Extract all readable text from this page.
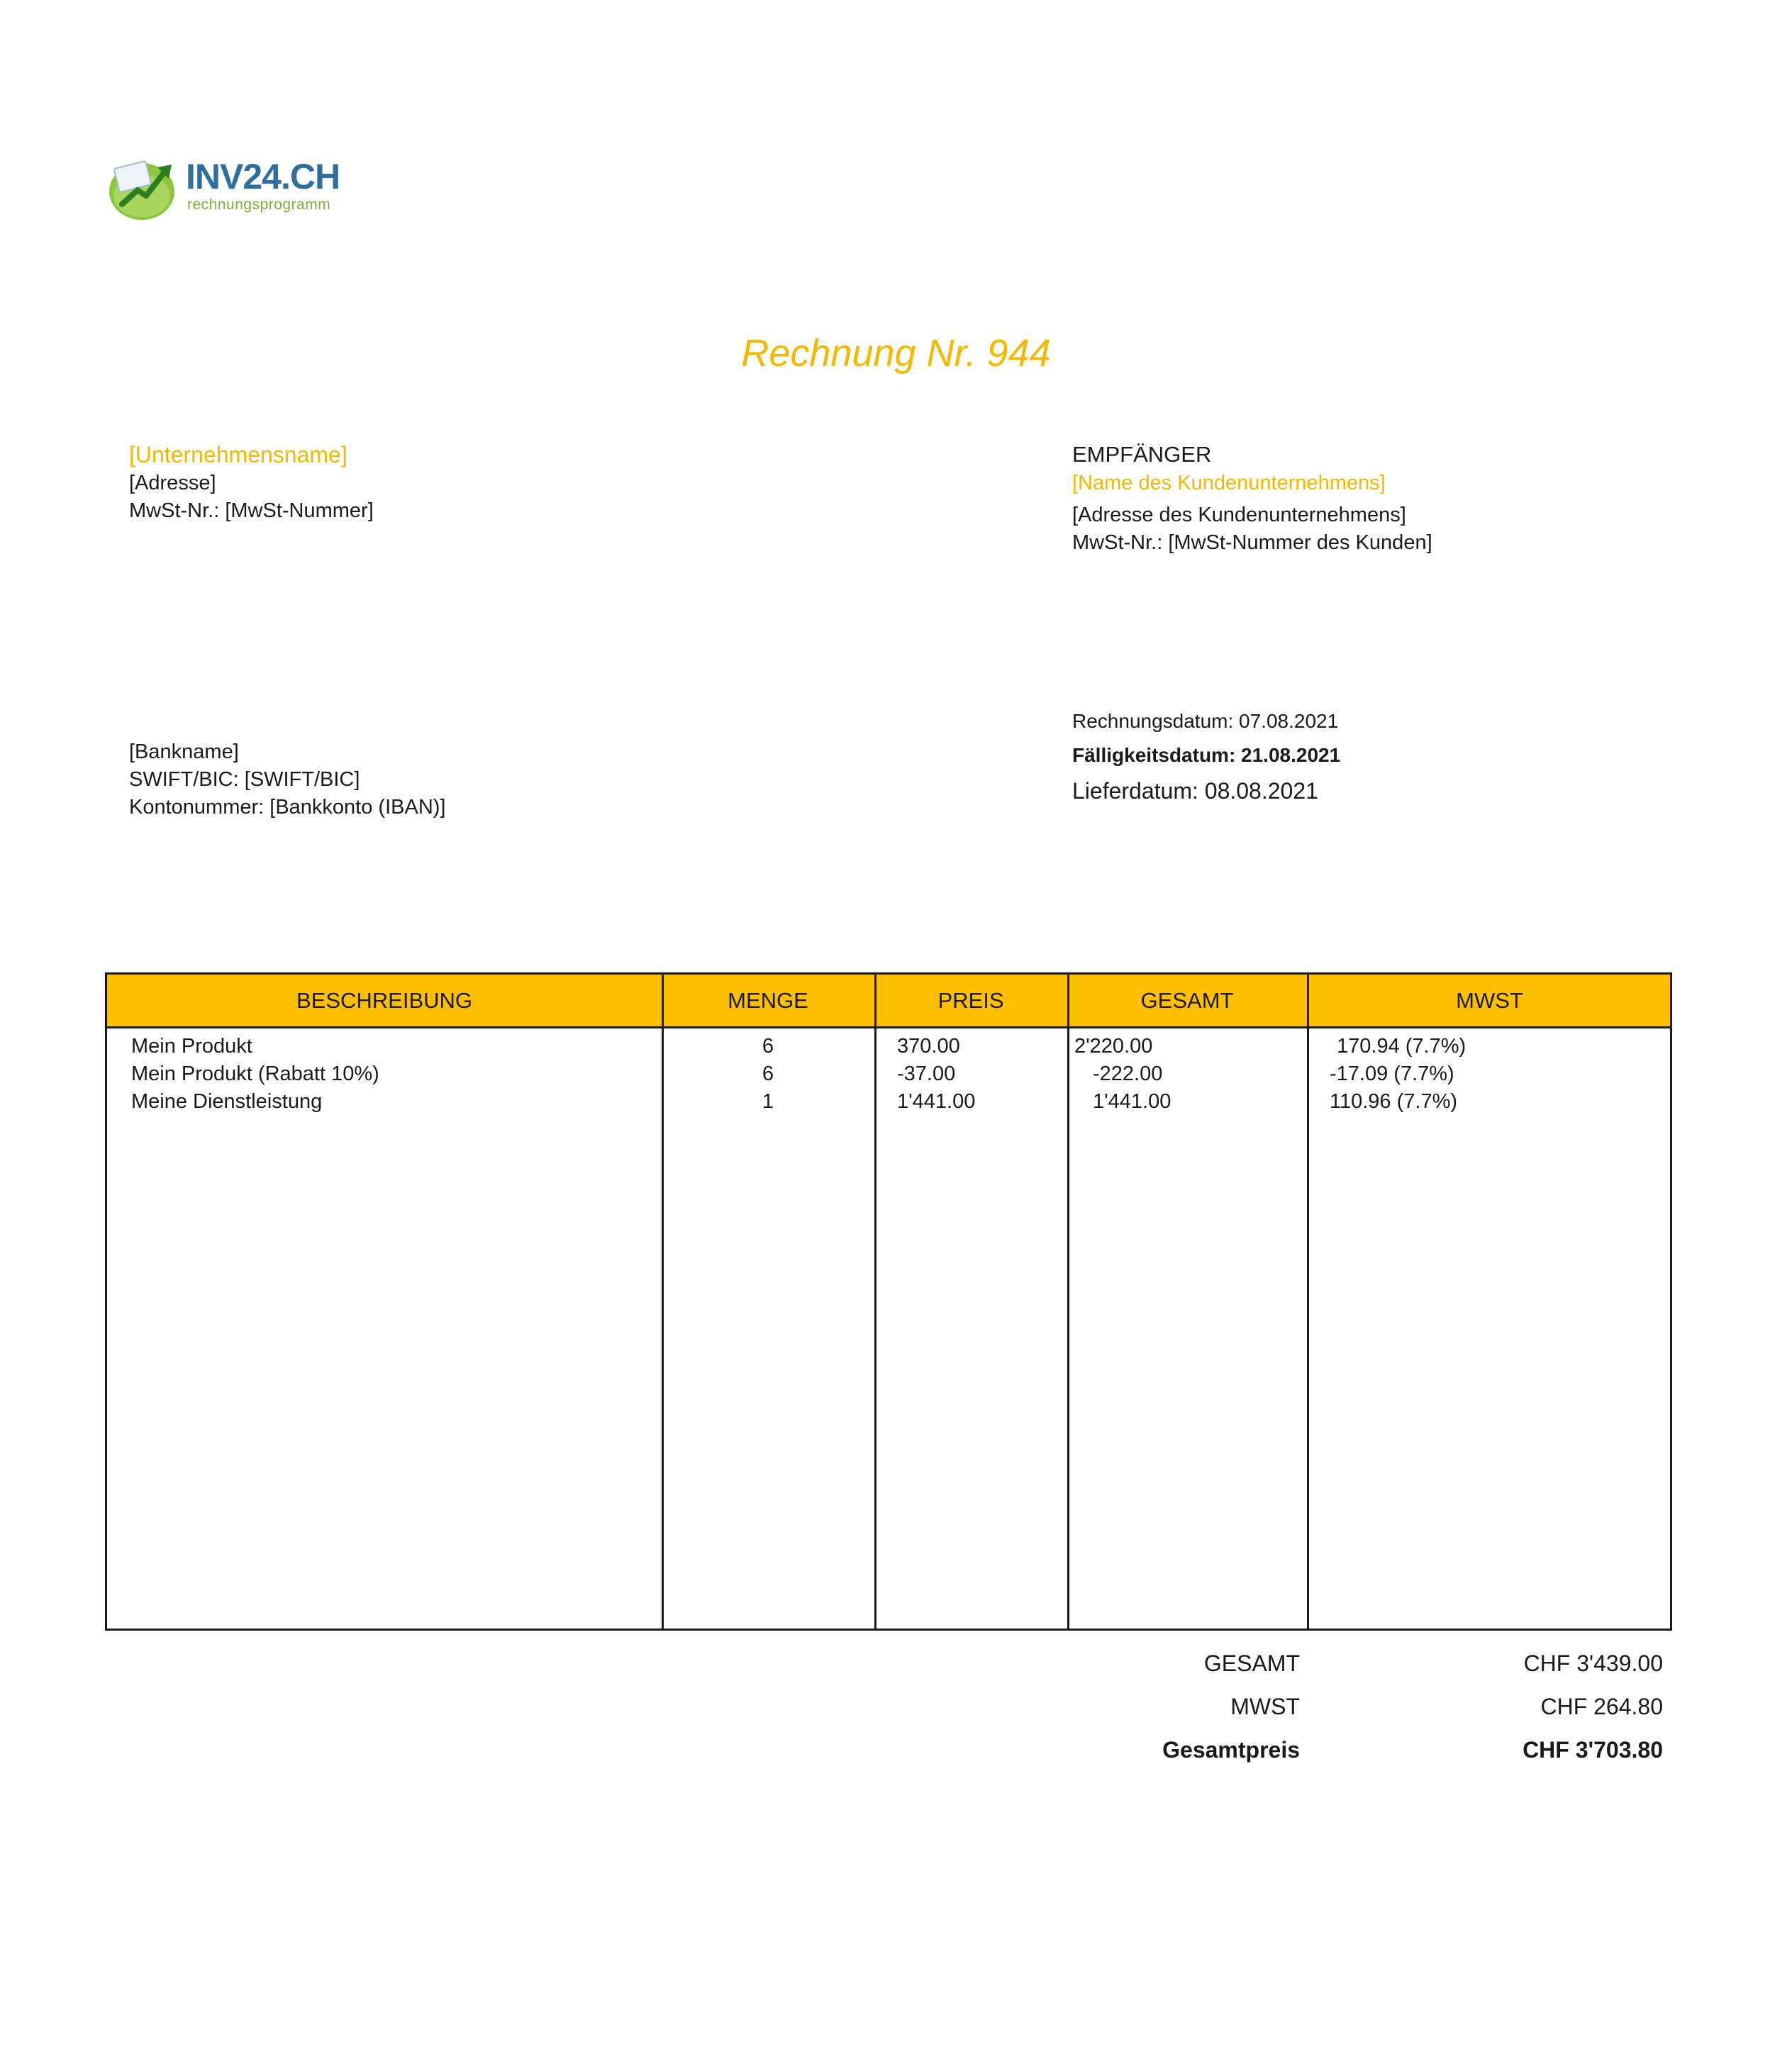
INV24.CH
rechnungsprogramm
Rechnung Nr. 944
[Unternehmensname]
[Adresse]
MwSt-Nr.: [MwSt-Nummer]
EMPFÄNGER
[Name des Kundenunternehmens]
[Adresse des Kundenunternehmens]
MwSt-Nr.: [MwSt-Nummer des Kunden]
[Bankname]
SWIFT/BIC: [SWIFT/BIC]
Kontonummer: [Bankkonto (IBAN)]
Rechnungsdatum: 07.08.2021
Fälligkeitsdatum: 21.08.2021
Lieferdatum: 08.08.2021
BESCHREIBUNG	MENGE	PREIS	GESAMT	MWST
Mein Produkt	6	370.00	2'220.00	170.94 (7.7%)
Mein Produkt (Rabatt 10%)	6	-37.00	-222.00	-17.09 (7.7%)
Meine Dienstleistung	1	1'441.00	1'441.00	110.96 (7.7%)
GESAMT	CHF 3'439.00
MWST	CHF 264.80
Gesamtpreis	CHF 3'703.80
